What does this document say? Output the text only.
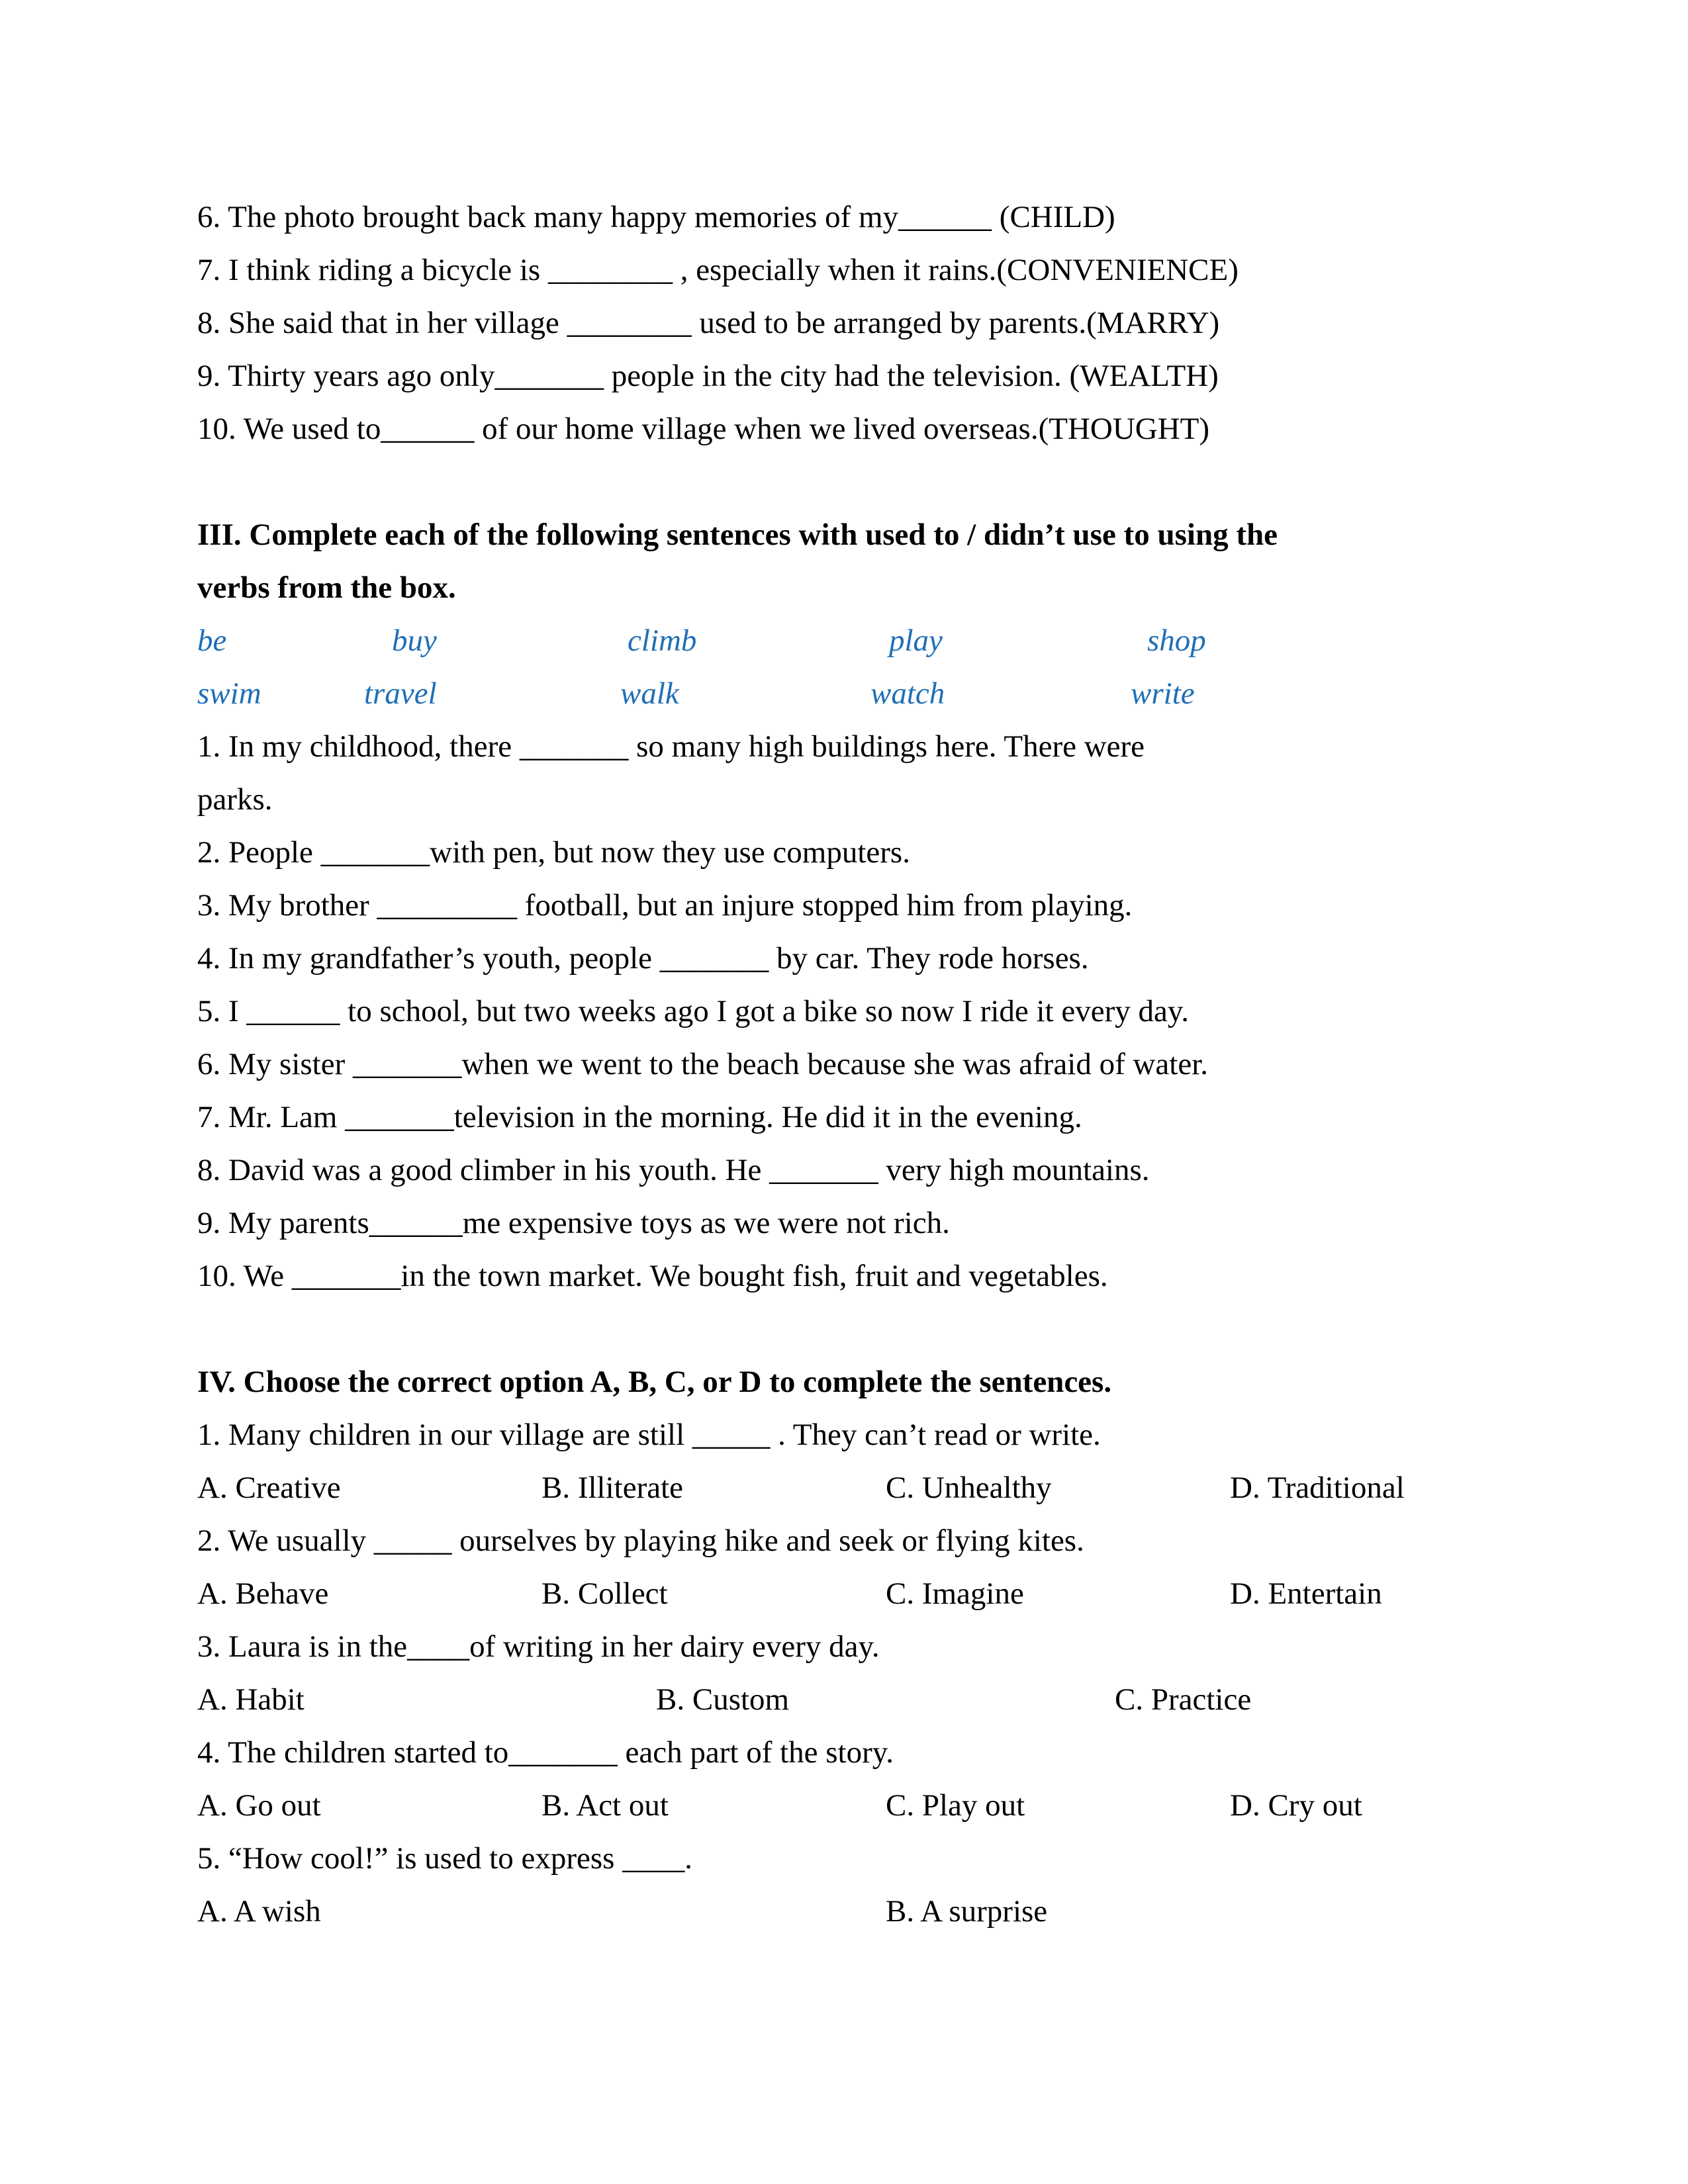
6. The photo brought back many happy memories of my______ (CHILD)
7. I think riding a bicycle is ________ , especially when it rains.(CONVENIENCE)
8. She said that in her village ________ used to be arranged by parents.(MARRY)
9. Thirty years ago only_______ people in the city had the television. (WEALTH)
10. We used to______ of our home village when we lived overseas.(THOUGHT)
III. Complete each of the following sentences with used to / didn’t use to using the
verbs from the box.
be	buy	climb	play	shop
swim	travel	walk	watch	write
1. In my childhood, there _______ so many high buildings here. There were
parks.
2. People _______with pen, but now they use computers.
3. My brother _________ football, but an injure stopped him from playing.
4. In my grandfather’s youth, people _______ by car. They rode horses.
5. I ______ to school, but two weeks ago I got a bike so now I ride it every day.
6. My sister _______when we went to the beach because she was afraid of water.
7. Mr. Lam _______television in the morning. He did it in the evening.
8. David was a good climber in his youth. He _______ very high mountains.
9. My parents______me expensive toys as we were not rich.
10. We _______in the town market. We bought fish, fruit and vegetables.
IV. Choose the correct option A, B, C, or D to complete the sentences.
1. Many children in our village are still _____ . They can’t read or write.
A. Creative	B. Illiterate	C. Unhealthy	D. Traditional
2. We usually _____ ourselves by playing hike and seek or flying kites.
A. Behave	B. Collect	C. Imagine	D. Entertain
3. Laura is in the____of writing in her dairy every day.
A. Habit	B. Custom	C. Practice
4. The children started to_______ each part of the story.
A. Go out	B. Act out	C. Play out	D. Cry out
5. “How cool!” is used to express ____.
A. A wish	B. A surprise
